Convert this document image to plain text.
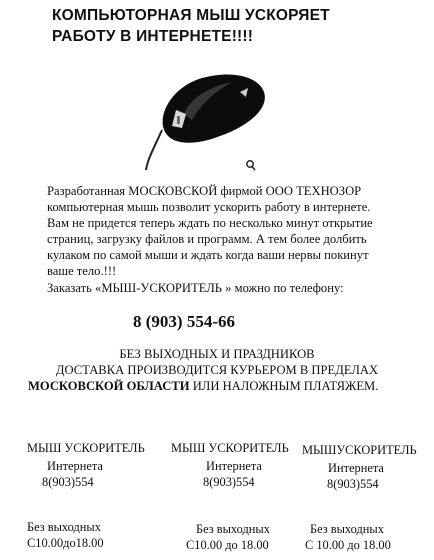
КОМПЬЮТОРНАЯ МЫШ УСКОРЯЕТ
РАБОТУ В ИНТЕРНЕТЕ!!!!
Разработанная МОСКОВСКОЙ фирмой ООО ТЕХНОЗОР
компьютерная мышь позволит ускорить работу в интернете.
Вам не придется теперь ждать по несколько минут открытие
страниц, загрузку файлов и программ. А тем более долбить
кулаком по самой мыши и ждать когда ваши нервы покинут
ваше тело.!!!
Заказать «МЫШ-УСКОРИТЕЛЬ » можно по телефону:
8 (903) 554-66
БЕЗ ВЫХОДНЫХ И ПРАЗДНИКОВ
ДОСТАВКА ПРОИЗВОДИТСЯ КУРЬЕРОМ В ПРЕДЕЛАХ
МОСКОВСКОЙ ОБЛАСТИ ИЛИ НАЛОЖНЫМ ПЛАТЯЖЕМ.
МЫШ УСКОРИТЕЛЬ
Интернета
8(903)554
Без выходных
С10.00до18.00
МЫШ УСКОРИТЕЛЬ
Интернета
8(903)554
Без выходных
С10.00 до 18.00
МЫШУСКОРИТЕЛЬ
Интернета
8(903)554
Без выходных
С 10.00 до 18.00
